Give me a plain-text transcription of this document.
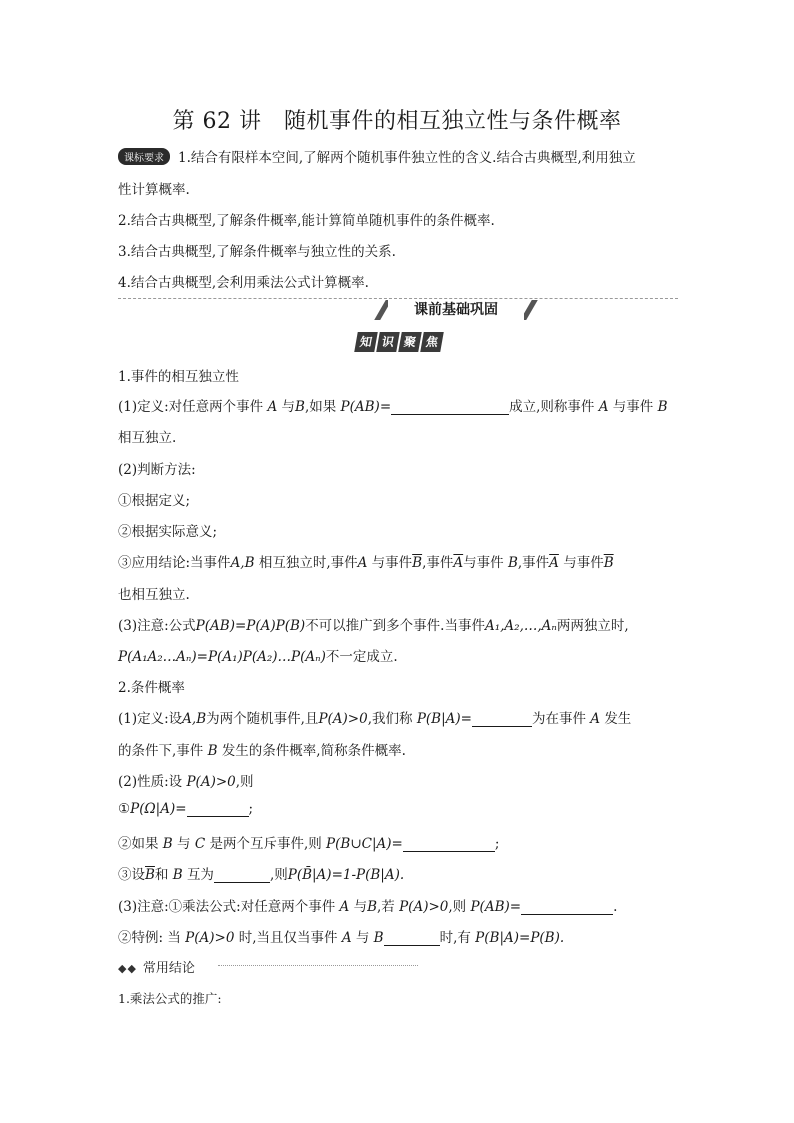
第 62 讲　随机事件的相互独立性与条件概率
课标要求 1.结合有限样本空间,了解两个随机事件独立性的含义.结合古典概型,利用独立
性计算概率.
2.结合古典概型,了解条件概率,能计算简单随机事件的条件概率.
3.结合古典概型,了解条件概率与独立性的关系.
4.结合古典概型,会利用乘法公式计算概率.
课前基础巩固
知 识 聚 焦
1.事件的相互独立性
(1)定义:对任意两个事件 A 与B,如果 P(AB)=	成立,则称事件 A 与事件 B
相互独立.
(2)判断方法:
①根据定义;
②根据实际意义;
③应用结论:当事件A,B 相互独立时,事件A 与事件$\overline{B}$,事件$\overline{A}$与事件 B,事件$\overline{A}$ 与事件$\overline{B}$
也相互独立.
(3)注意:公式P(AB)=P(A)P(B)不可以推广到多个事件.当事件A₁,A₂,…,Aₙ两两独立时,
P(A₁A₂…Aₙ)=P(A₁)P(A₂)…P(Aₙ)不一定成立.
2.条件概率
(1)定义:设A,B为两个随机事件,且P(A)>0,我们称 P(B|A)=	为在事件 A 发生
的条件下,事件 B 发生的条件概率,简称条件概率.
(2)性质:设 P(A)>0,则
①P(Ω|A)=	;
②如果 B 与 C 是两个互斥事件,则 P(B∪C|A)=	;
③设$\overline{B}$和 B 互为	,则P(B̄|A)=1-P(B|A).
(3)注意:①乘法公式:对任意两个事件 A 与B,若 P(A)>0,则 P(AB)=	.
②特例: 当 P(A)>0 时,当且仅当事件 A 与 B	时,有 P(B|A)=P(B).
◆◆ 常用结论
1.乘法公式的推广:
